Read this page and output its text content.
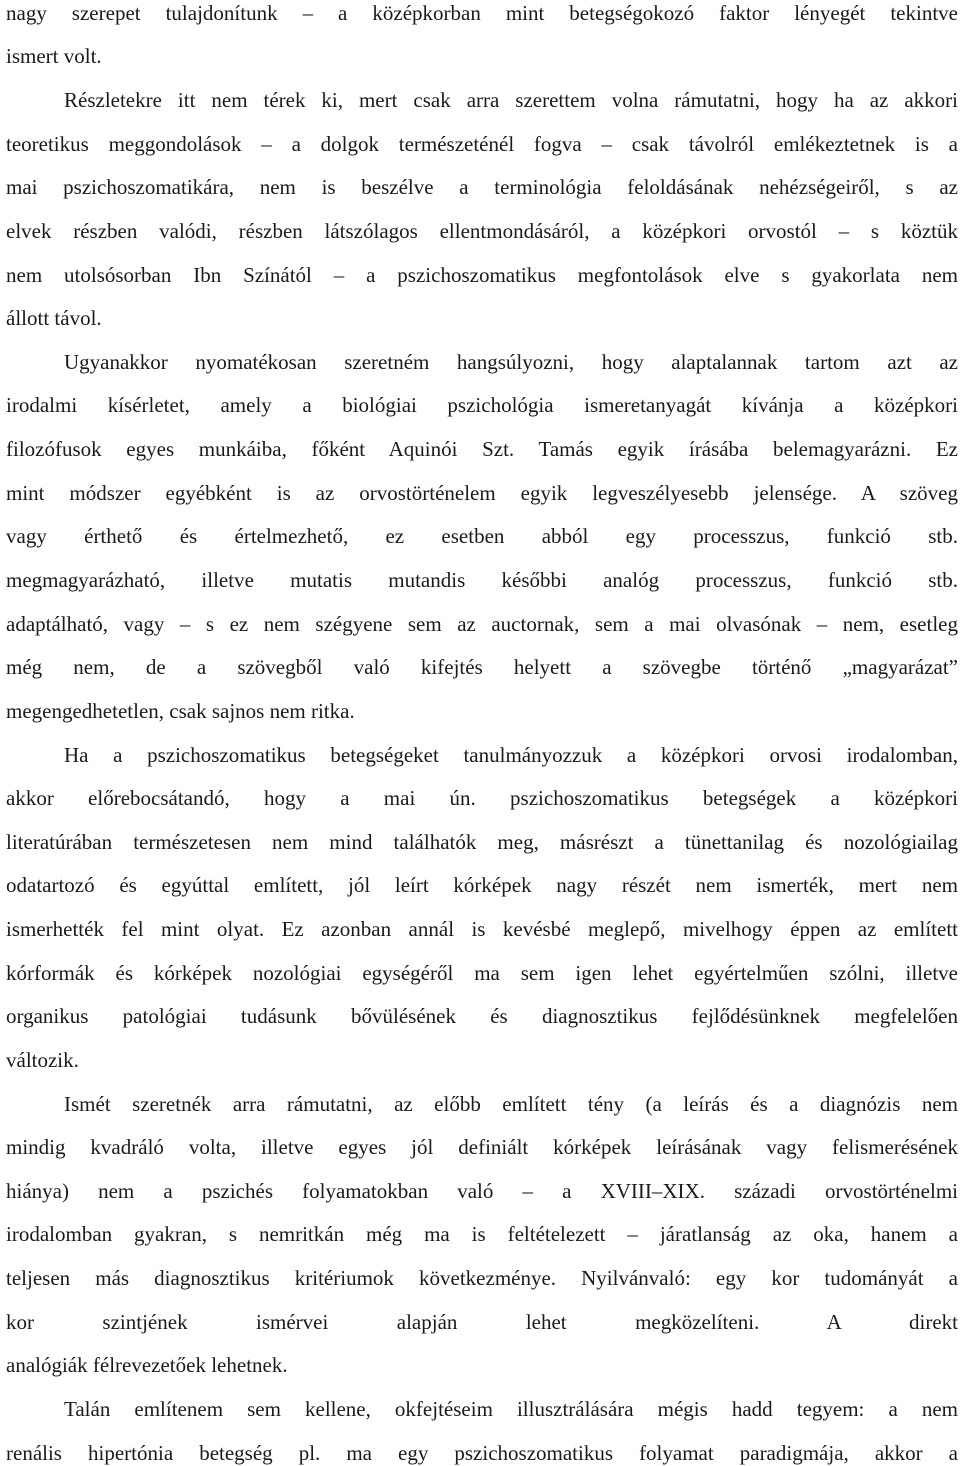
nagy szerepet tulajdonítunk – a középkorban mint betegségokozó faktor lényegét tekintve
ismert volt.
Részletekre itt nem térek ki, mert csak arra szerettem volna rámutatni, hogy ha az akkori
teoretikus meggondolások – a dolgok természeténél fogva – csak távolról emlékeztetnek is a
mai pszichoszomatikára, nem is beszélve a terminológia feloldásának nehézségeiről, s az
elvek részben valódi, részben látszólagos ellentmondásáról, a középkori orvostól – s köztük
nem utolsósorban Ibn Színától – a pszichoszomatikus megfontolások elve s gyakorlata nem
állott távol.
Ugyanakkor nyomatékosan szeretném hangsúlyozni, hogy alaptalannak tartom azt az
irodalmi kísérletet, amely a biológiai pszichológia ismeretanyagát kívánja a középkori
filozófusok egyes munkáiba, főként Aquinói Szt. Tamás egyik írásába belemagyarázni. Ez
mint módszer egyébként is az orvostörténelem egyik legveszélyesebb jelensége. A szöveg
vagy érthető és értelmezhető, ez esetben abból egy processzus, funkció stb.
megmagyarázható, illetve mutatis mutandis későbbi analóg processzus, funkció stb.
adaptálható, vagy – s ez nem szégyene sem az auctornak, sem a mai olvasónak – nem, esetleg
még nem, de a szövegből való kifejtés helyett a szövegbe történő „magyarázat”
megengedhetetlen, csak sajnos nem ritka.
Ha a pszichoszomatikus betegségeket tanulmányozzuk a középkori orvosi irodalomban,
akkor előrebocsátandó, hogy a mai ún. pszichoszomatikus betegségek a középkori
literatúrában természetesen nem mind találhatók meg, másrészt a tünettanilag és nozológiailag
odatartozó és egyúttal említett, jól leírt kórképek nagy részét nem ismerték, mert nem
ismerhették fel mint olyat. Ez azonban annál is kevésbé meglepő, mivelhogy éppen az említett
kórformák és kórképek nozológiai egységéről ma sem igen lehet egyértelműen szólni, illetve
organikus patológiai tudásunk bővülésének és diagnosztikus fejlődésünknek megfelelően
változik.
Ismét szeretnék arra rámutatni, az előbb említett tény (a leírás és a diagnózis nem
mindig kvadráló volta, illetve egyes jól definiált kórképek leírásának vagy felismerésének
hiánya) nem a pszichés folyamatokban való – a XVIII–XIX. századi orvostörténelmi
irodalomban gyakran, s nemritkán még ma is feltételezett – járatlanság az oka, hanem a
teljesen más diagnosztikus kritériumok következménye. Nyilvánvaló: egy kor tudományát a
kor szintjének ismérvei alapján lehet megközelíteni. A direkt
analógiák félrevezetőek lehetnek.
Talán említenem sem kellene, okfejtéseim illusztrálására mégis hadd tegyem: a nem
renális hipertónia betegség pl. ma egy pszichoszomatikus folyamat paradigmája, akkor a
